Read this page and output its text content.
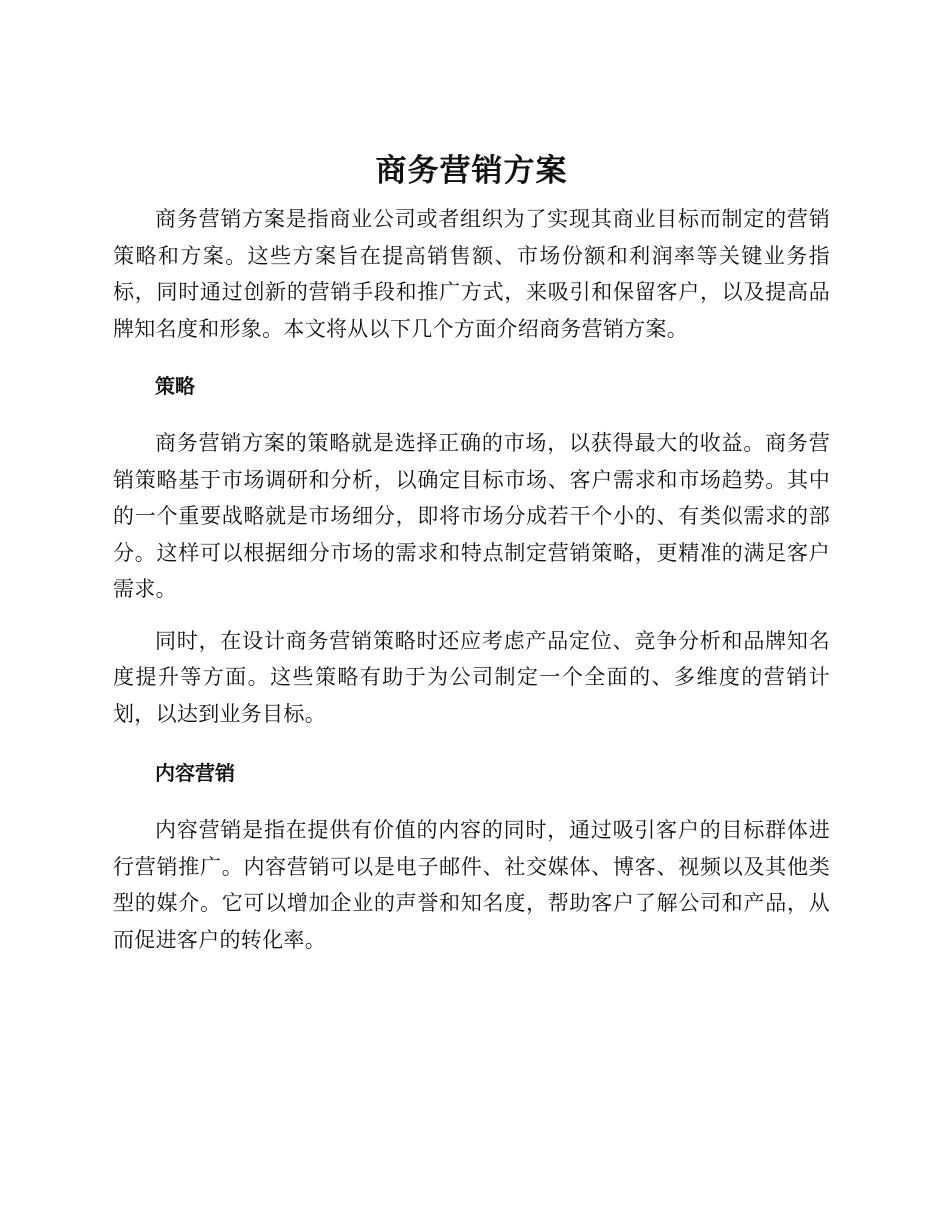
商务营销方案

商务营销方案是指商业公司或者组织为了实现其商业目标而制定的营销策略和方案。这些方案旨在提高销售额、市场份额和利润率等关键业务指标，同时通过创新的营销手段和推广方式，来吸引和保留客户，以及提高品牌知名度和形象。本文将从以下几个方面介绍商务营销方案。

策略

商务营销方案的策略就是选择正确的市场，以获得最大的收益。商务营销策略基于市场调研和分析，以确定目标市场、客户需求和市场趋势。其中的一个重要战略就是市场细分，即将市场分成若干个小的、有类似需求的部分。这样可以根据细分市场的需求和特点制定营销策略，更精准的满足客户需求。

同时，在设计商务营销策略时还应考虑产品定位、竞争分析和品牌知名度提升等方面。这些策略有助于为公司制定一个全面的、多维度的营销计划，以达到业务目标。

内容营销

内容营销是指在提供有价值的内容的同时，通过吸引客户的目标群体进行营销推广。内容营销可以是电子邮件、社交媒体、博客、视频以及其他类型的媒介。它可以增加企业的声誉和知名度，帮助客户了解公司和产品，从而促进客户的转化率。
